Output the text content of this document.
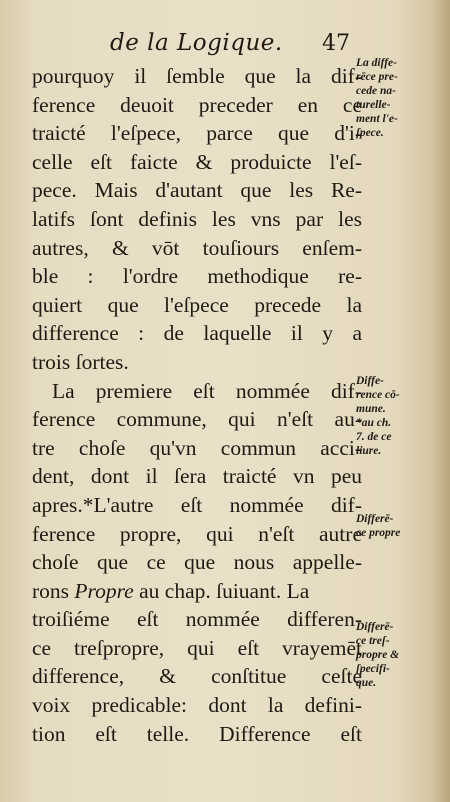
de la Logique. 47
pourquoy il ſemble que la dif-
ference deuoit preceder en ce
traicté l'eſpece, parce que d'i-
celle eſt faicte & produicte l'eſ-
pece. Mais d'autant que les Re-
latifs ſont definis les vns par les
autres, & vōt touſiours enſem-
ble : l'ordre methodique re-
quiert que l'eſpece precede la
difference : de laquelle il y a
trois ſortes.
La premiere eſt nommée dif-
ference commune, qui n'eſt au-
tre choſe qu'vn commun acci-
dent, dont il ſera traicté vn peu
apres.*L'autre eſt nommée dif-
ference propre, qui n'eſt autre
choſe que ce que nous appelle-
rons Propre au chap. ſuiuant. La
troiſiéme eſt nommée differen-
ce treſpropre, qui eſt vrayemēt
difference, & conſtitue ceſte
voix predicable: dont la defini-
tion eſt telle. Difference eſt
La diffe-
rēce pre-
cede na-
turelle-
ment l'e-
ſpece.
Diffe-
rence cō-
mune.
*au ch.
7. de ce
liure.
Differē-
ce propre
Differē-
ce treſ-
propre &
ſpecifi-
que.
